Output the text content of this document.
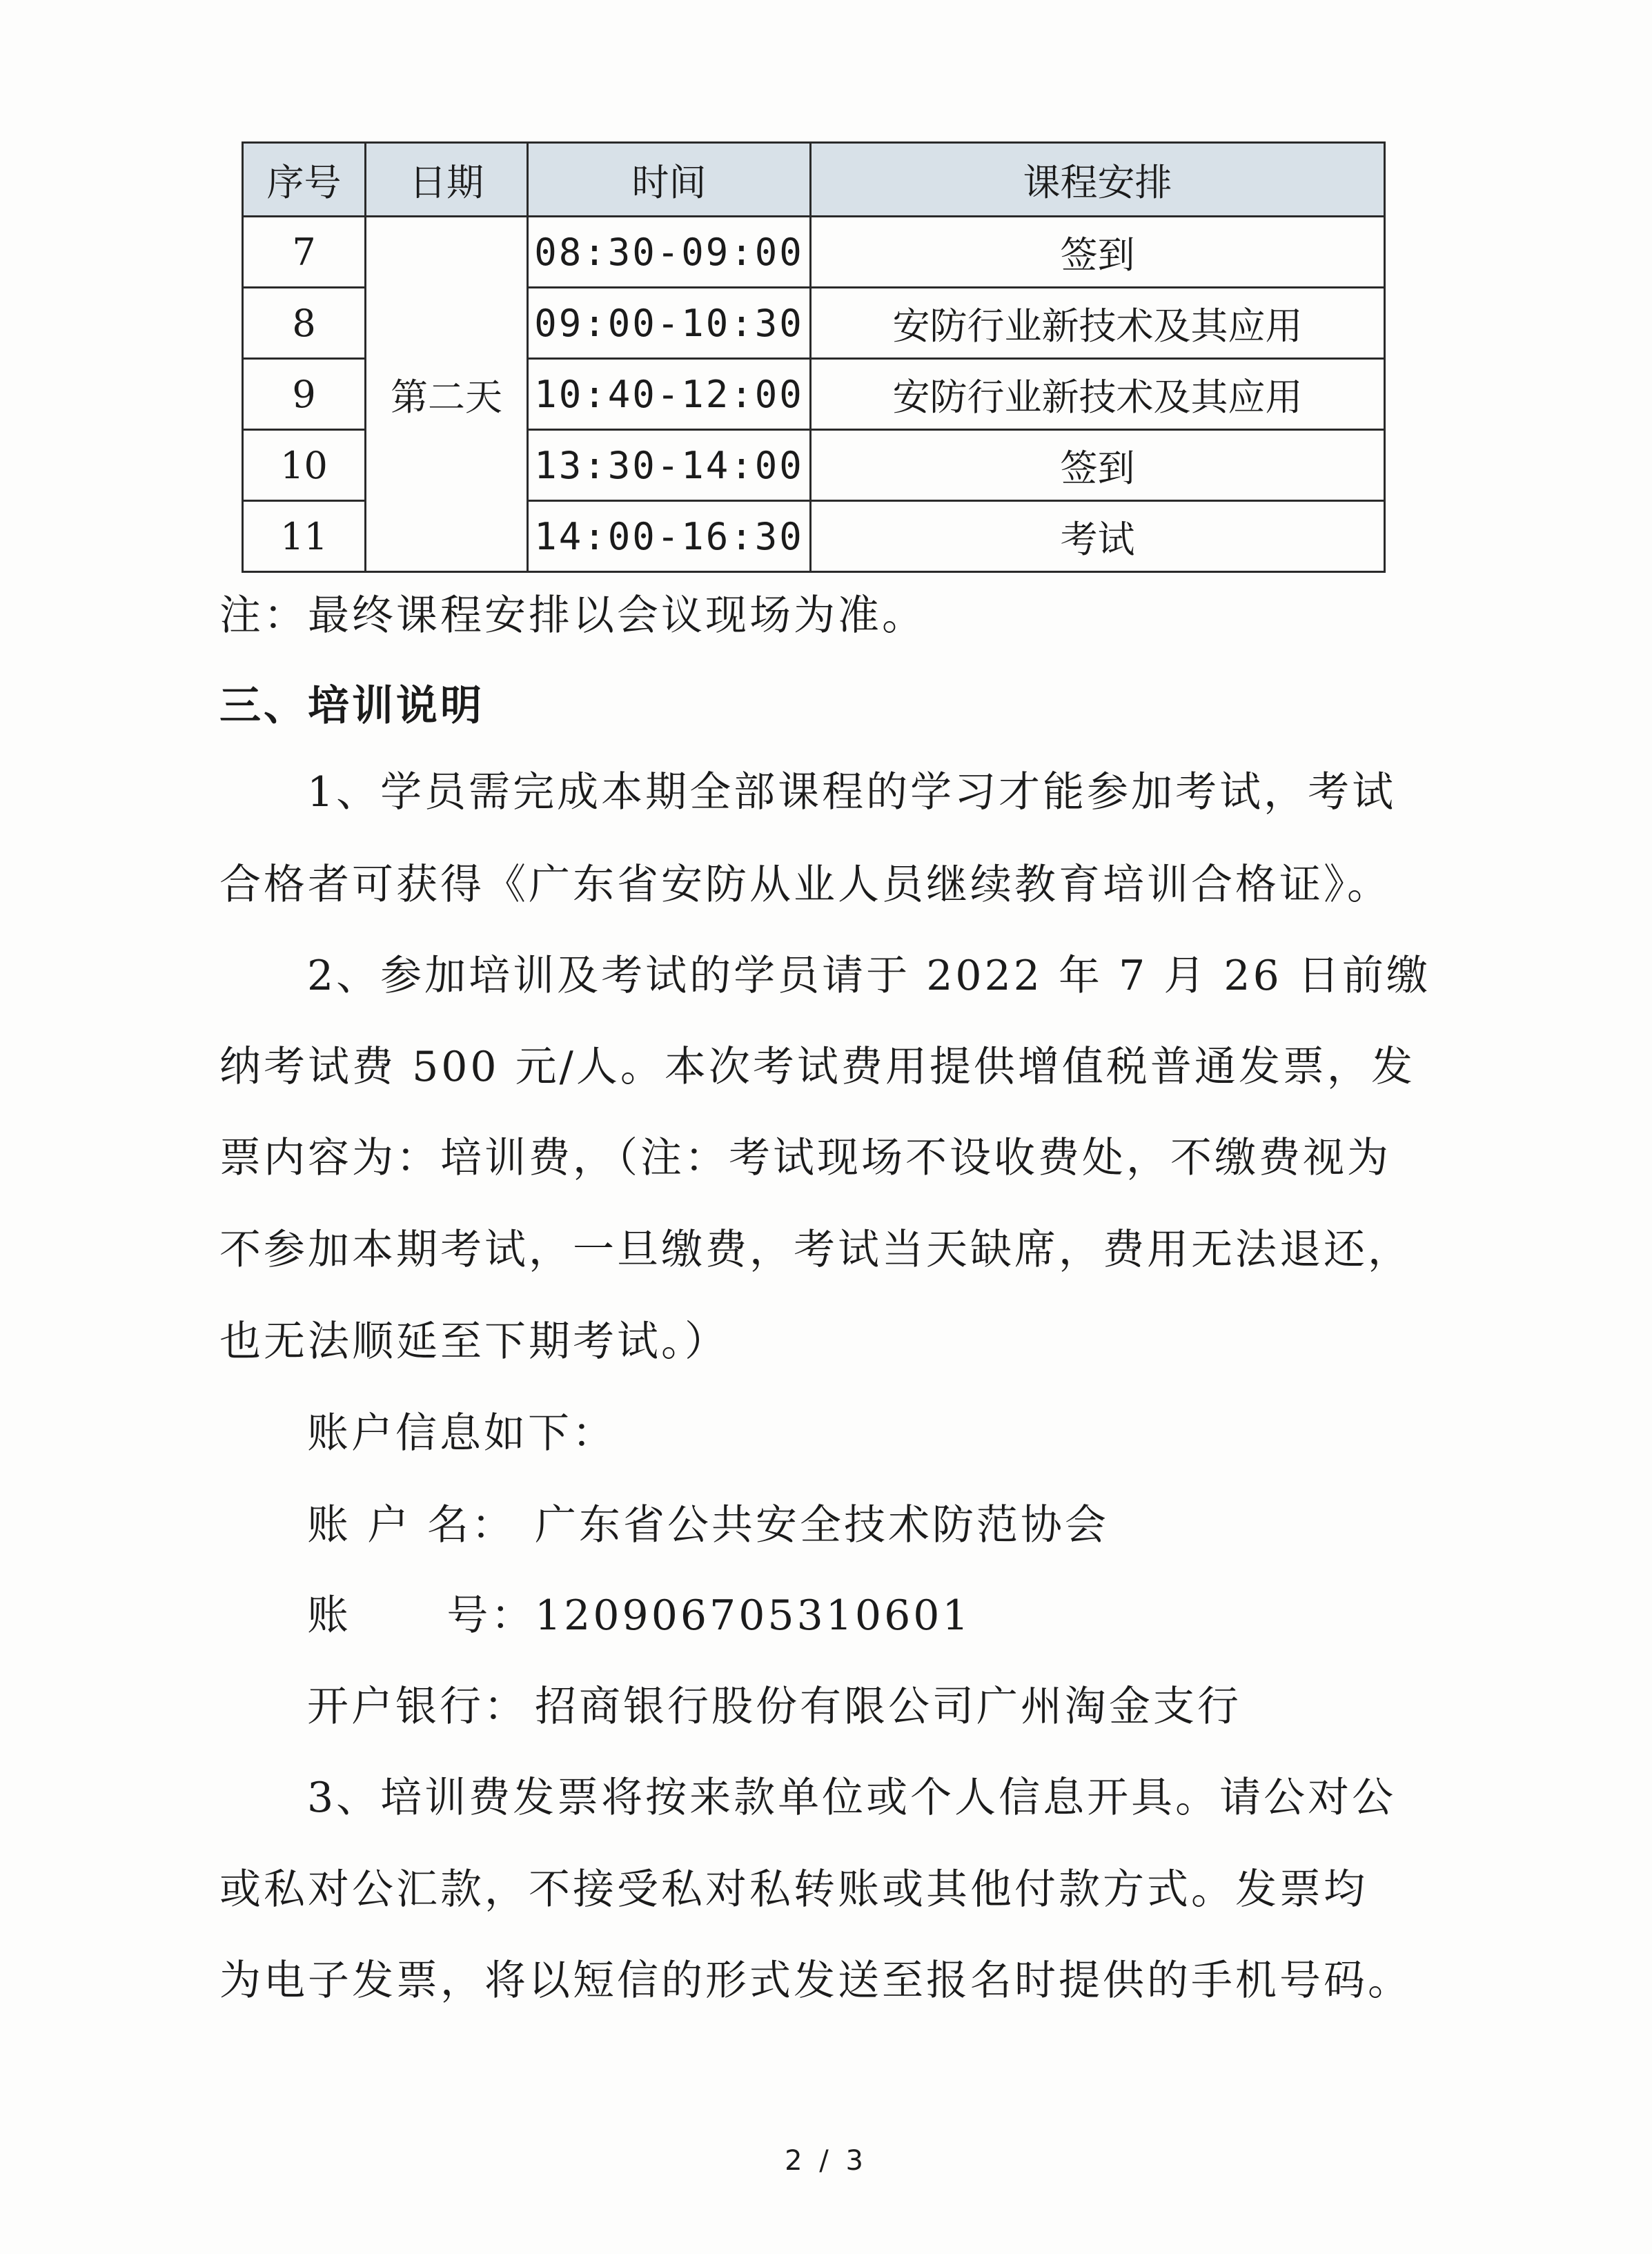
序号	日期	时间	课程安排
7	第二天	08:30-09:00	签到
8		09:00-10:30	安防行业新技术及其应用
9		10:40-12:00	安防行业新技术及其应用
10		13:30-14:00	签到
11		14:00-16:30	考试
注：最终课程安排以会议现场为准。
三、培训说明
1、学员需完成本期全部课程的学习才能参加考试，考试
合格者可获得《广东省安防从业人员继续教育培训合格证》。
2、参加培训及考试的学员请于 2022 年 7 月 26 日前缴
纳考试费 500 元/人。本次考试费用提供增值税普通发票，发
票内容为：培训费，（注：考试现场不设收费处，不缴费视为
不参加本期考试，一旦缴费，考试当天缺席，费用无法退还，
也无法顺延至下期考试。）
账户信息如下：
账 户 名： 广东省公共安全技术防范协会
账      号：120906705310601
开户银行： 招商银行股份有限公司广州淘金支行
3、培训费发票将按来款单位或个人信息开具。请公对公
或私对公汇款，不接受私对私转账或其他付款方式。发票均
为电子发票，将以短信的形式发送至报名时提供的手机号码。
2 / 3
